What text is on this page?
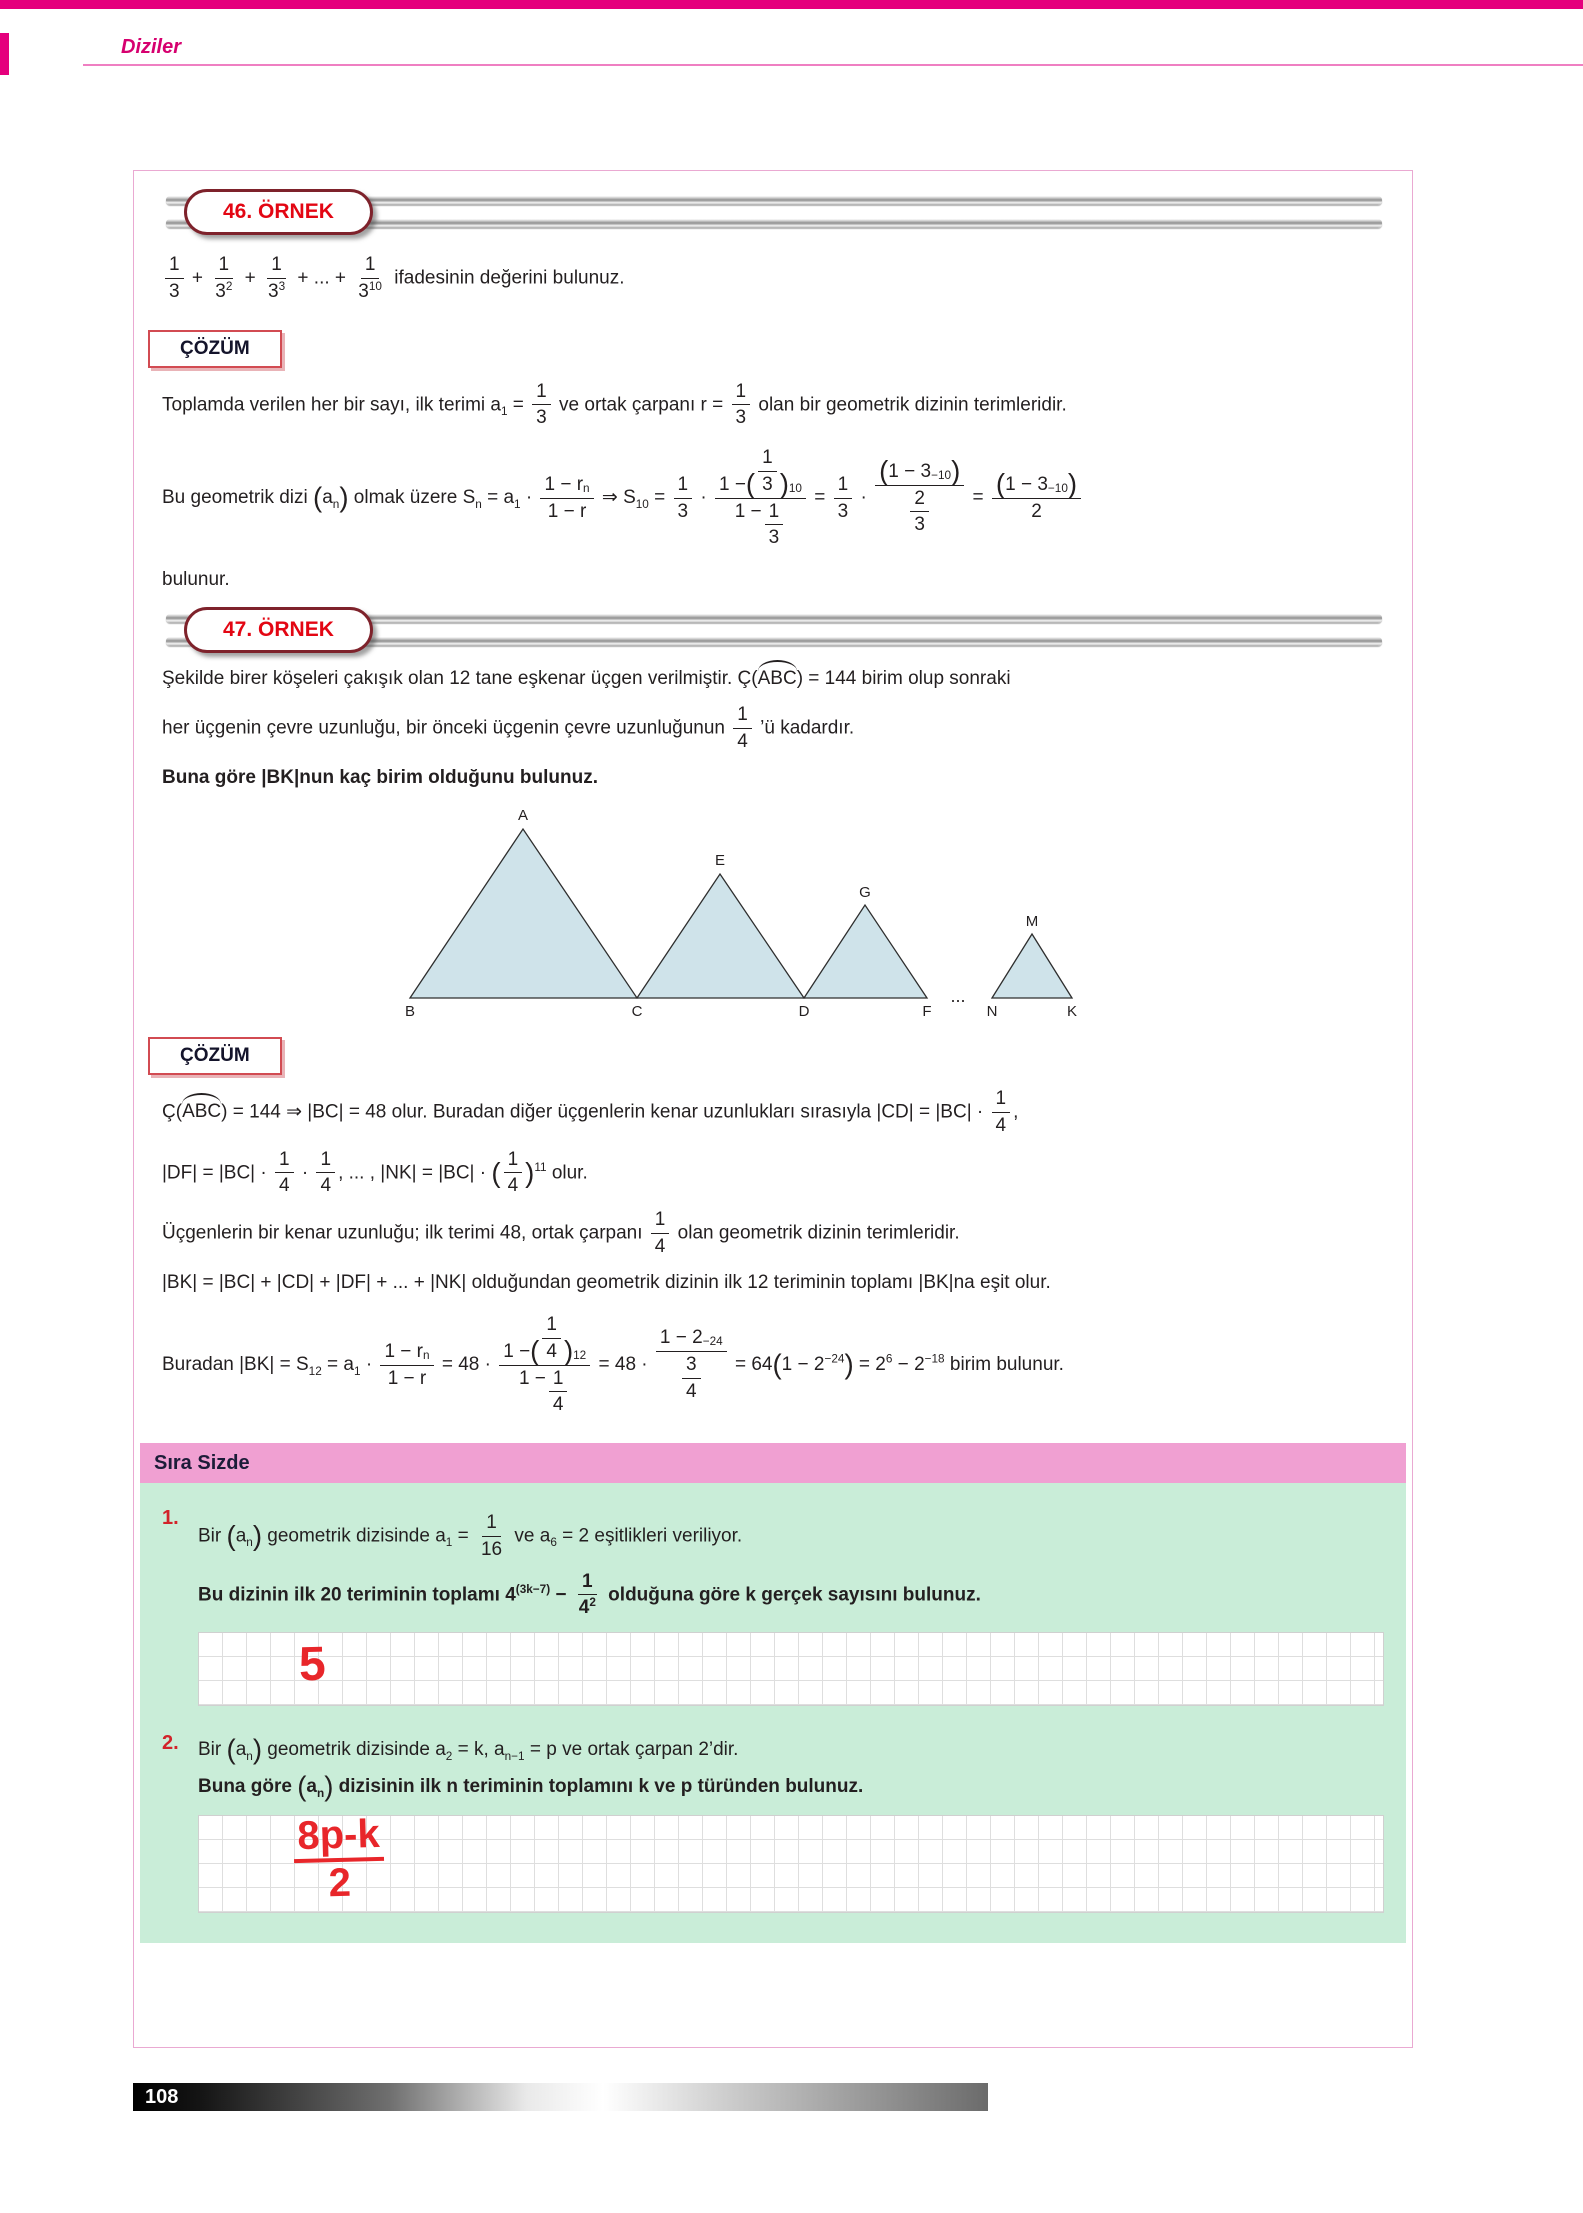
Diziler
46. ÖRNEK
$\frac{1}{3} + \frac{1}{3 2} + \frac{1}{3 3}$ + ... + $\frac{1}{3 10}$ ifadesinin değerini bulunuz.
ÇÖZÜM
Toplamda verilen her bir sayı, ilk terimi $a_1 = \frac{1}{3}$ ve ortak çarpanı $r = \frac{1}{3}$ olan bir geometrik dizinin terimleridir.
Bu geometrik dizi $(a_n)$ olmak üzere $S_n = a_1 \cdot \frac{\text{1 − r n}}{1 - r}$ ⇒ $S_{10} = \frac{1}{3} \cdot \frac{1 - ( \frac{1}{3} )_{10}}{1 - \frac{1}{3}} = \frac{1}{3} \cdot \frac{( 1 - 3_{-10} )}{\frac{2}{3}} = \frac{( 1 - 3_{-10} )}{2}$
bulunur.
47. ÖRNEK
Şekilde birer köşeleri çakışık olan 12 tane eşkenar üçgen verilmiştir. Ç(ABC) = 144 birim olup sonraki
her üçgenin çevre uzunluğu, bir önceki üçgenin çevre uzunluğunun $\frac{1}{4}$ ’ü kadardır.
Buna göre |BK|nun kaç birim olduğunu bulunuz.
A
E
G
M
B	C	D	F	N	K
...
ÇÖZÜM
Ç(ABC) = 144 ⇒ |BC| = 48 olur. Buradan diğer üçgenlerin kenar uzunlukları sırasıyla $|CD| = |BC| \cdot \frac{1}{4}$ ,
$|DF| = |BC| \cdot \frac{1}{4} \cdot \frac{1}{4}$ , ... , |NK| = |BC| · ( $\frac{1}{4} )^{11}$ olur.
Üçgenlerin bir kenar uzunluğu; ilk terimi 48, ortak çarpanı $\frac{1}{4}$ olan geometrik dizinin terimleridir.
|BK| = |BC| + |CD| + |DF| + ... + |NK| olduğundan geometrik dizinin ilk 12 teriminin toplamı |BK|na eşit olur.
Buradan $|BK| = S_{12} = a_1 \cdot \frac{\text{1 − r n}}{1 - r} = 48 \cdot \frac{1 - ( \frac{1}{4} )_{12}}{1 - \frac{1}{4}} = 48 \cdot \frac{1 - 2 -24}{\frac{3}{4}} = 64(1 - 2^{-24}) = 2^6 - 2^{-18}$ birim bulunur.
Sıra Sizde
1.
Bir $(a_n)$ geometrik dizisinde $a_1 = \frac{1}{16}$ ve $a_6 = 2$ eşitlikleri veriliyor.
Bu dizinin ilk 20 teriminin toplamı $4^{(3k-7)} - \frac{1}{4 2}$ olduğuna göre k gerçek sayısını bulunuz.
5
2.	Bir $(a_n)$ geometrik dizisinde $a_2 = k$, $a_{n-1} = p$ ve ortak çarpan 2’dir.
Buna göre $(a_n)$ dizisinin ilk n teriminin toplamını k ve p türünden bulunuz.
$\frac{8p-k}{2}$
108
